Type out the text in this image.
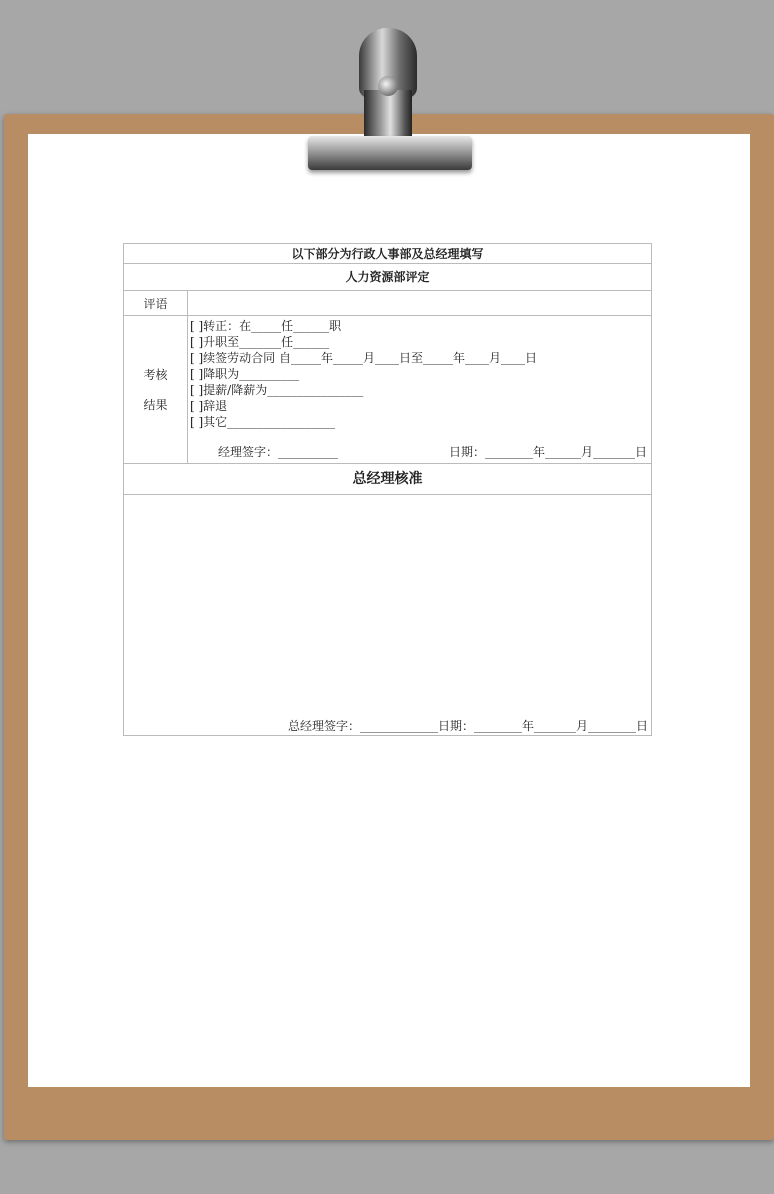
以下部分为行政人事部及总经理填写
人力资源部评定
评语
考核
结果
[ ]转正：在_____任______职
[ ]升职至_______任______
[ ]续签劳动合同 自_____年_____月____日至_____年____月____日
[ ]降职为__________
[ ]提薪/降薪为________________
[ ]辞退
[ ]其它__________________
经理签字：__________	日期：________年______月_______日
总经理核准
总经理签字：_____________日期：________年_______月________日
